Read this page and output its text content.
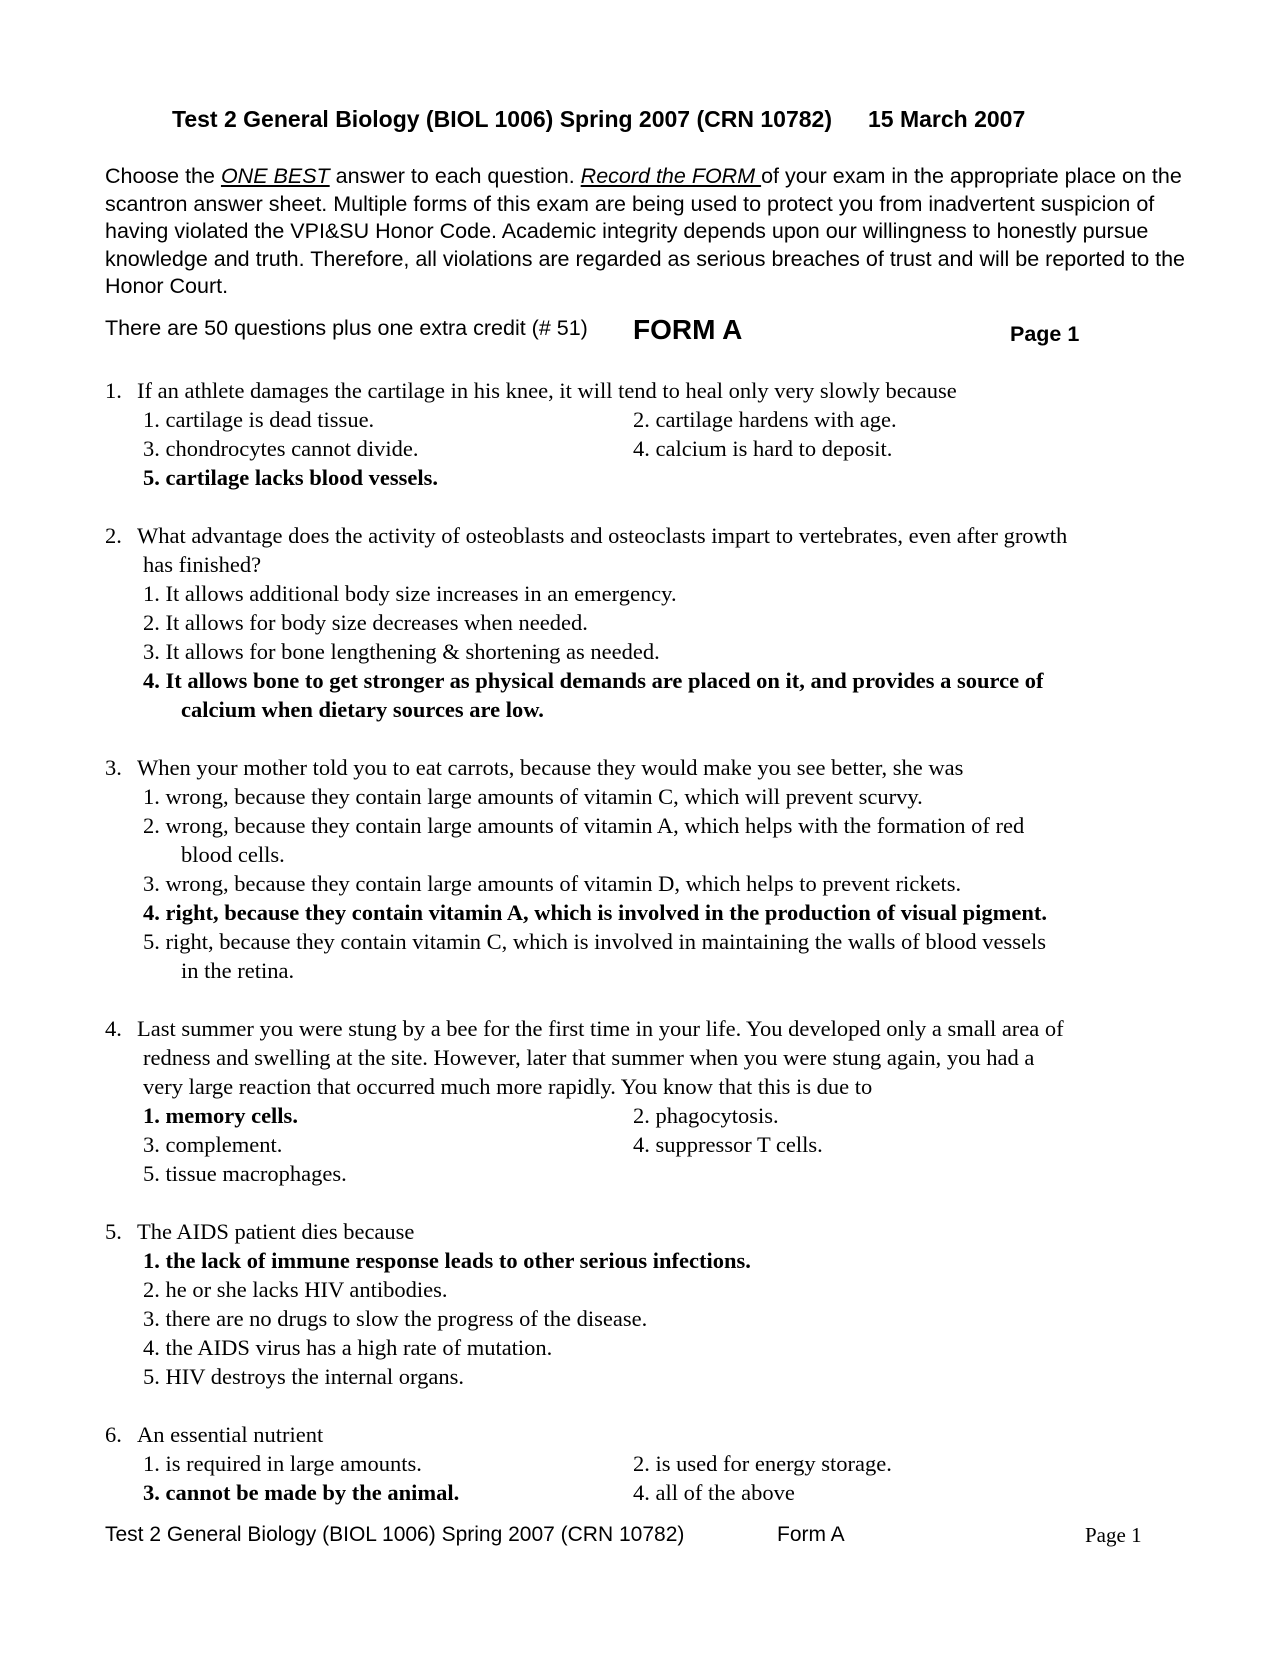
Test 2 General Biology (BIOL 1006) Spring 2007 (CRN 10782) 15 March 2007
Choose the ONE BEST answer to each question. Record the FORM of your exam in the appropriate place on the scantron answer sheet. Multiple forms of this exam are being used to protect you from inadvertent suspicion of having violated the VPI&SU Honor Code. Academic integrity depends upon our willingness to honestly pursue knowledge and truth. Therefore, all violations are regarded as serious breaches of trust and will be reported to the Honor Court.
There are 50 questions plus one extra credit (# 51)	FORM A	Page 1
1. If an athlete damages the cartilage in his knee, it will tend to heal only very slowly because
1. cartilage is dead tissue.	2. cartilage hardens with age.
3. chondrocytes cannot divide.	4. calcium is hard to deposit.
5. cartilage lacks blood vessels.
2. What advantage does the activity of osteoblasts and osteoclasts impart to vertebrates, even after growth
has finished?
1. It allows additional body size increases in an emergency.
2. It allows for body size decreases when needed.
3. It allows for bone lengthening & shortening as needed.
4. It allows bone to get stronger as physical demands are placed on it, and provides a source of
calcium when dietary sources are low.
3. When your mother told you to eat carrots, because they would make you see better, she was
1. wrong, because they contain large amounts of vitamin C, which will prevent scurvy.
2. wrong, because they contain large amounts of vitamin A, which helps with the formation of red
blood cells.
3. wrong, because they contain large amounts of vitamin D, which helps to prevent rickets.
4. right, because they contain vitamin A, which is involved in the production of visual pigment.
5. right, because they contain vitamin C, which is involved in maintaining the walls of blood vessels
in the retina.
4. Last summer you were stung by a bee for the first time in your life. You developed only a small area of
redness and swelling at the site. However, later that summer when you were stung again, you had a
very large reaction that occurred much more rapidly. You know that this is due to
1. memory cells.	2. phagocytosis.
3. complement.	4. suppressor T cells.
5. tissue macrophages.
5. The AIDS patient dies because
1. the lack of immune response leads to other serious infections.
2. he or she lacks HIV antibodies.
3. there are no drugs to slow the progress of the disease.
4. the AIDS virus has a high rate of mutation.
5. HIV destroys the internal organs.
6. An essential nutrient
1. is required in large amounts.	2. is used for energy storage.
3. cannot be made by the animal.	4. all of the above
Test 2 General Biology (BIOL 1006) Spring 2007 (CRN 10782)	Form A	Page 1
